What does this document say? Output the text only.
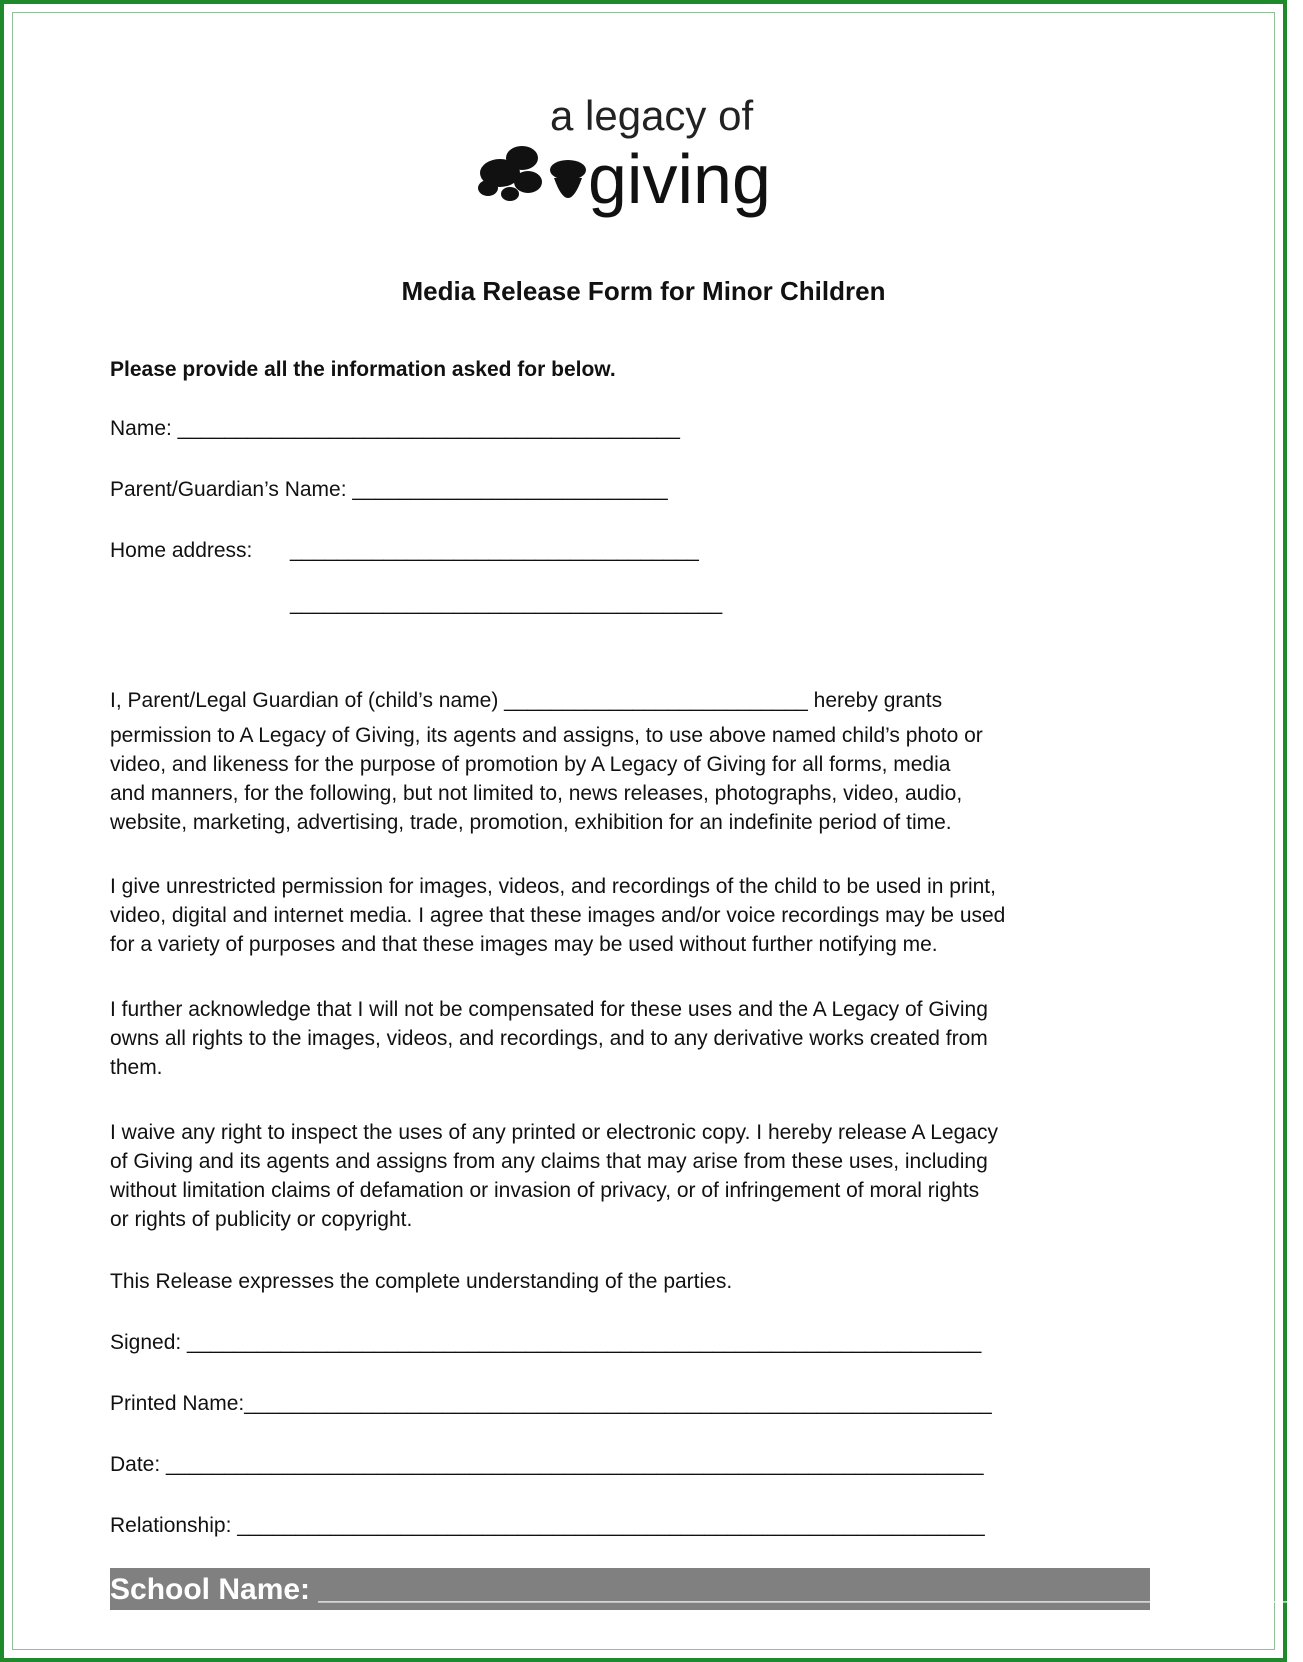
a legacy of
giving
Media Release Form for Minor Children
Please provide all the information asked for below.
Name: ___________________________________________
Parent/Guardian’s Name: ___________________________
Home address: ___________________________________
_____________________________________
I, Parent/Legal Guardian of (child’s name) __________________________ hereby grants
permission to A Legacy of Giving, its agents and assigns, to use above named child’s photo or
video, and likeness for the purpose of promotion by A Legacy of Giving for all forms, media
and manners, for the following, but not limited to, news releases, photographs, video, audio,
website, marketing, advertising, trade, promotion, exhibition for an indefinite period of time.
I give unrestricted permission for images, videos, and recordings of the child to be used in print,
video, digital and internet media. I agree that these images and/or voice recordings may be used
for a variety of purposes and that these images may be used without further notifying me.
I further acknowledge that I will not be compensated for these uses and the A Legacy of Giving
owns all rights to the images, videos, and recordings, and to any derivative works created from
them.
I waive any right to inspect the uses of any printed or electronic copy. I hereby release A Legacy
of Giving and its agents and assigns from any claims that may arise from these uses, including
without limitation claims of defamation or invasion of privacy, or of infringement of moral rights
or rights of publicity or copyright.
This Release expresses the complete understanding of the parties.
Signed: ____________________________________________________________________
Printed Name:________________________________________________________________
Date: ______________________________________________________________________
Relationship: ________________________________________________________________
School Name: ___________________________________________________________
